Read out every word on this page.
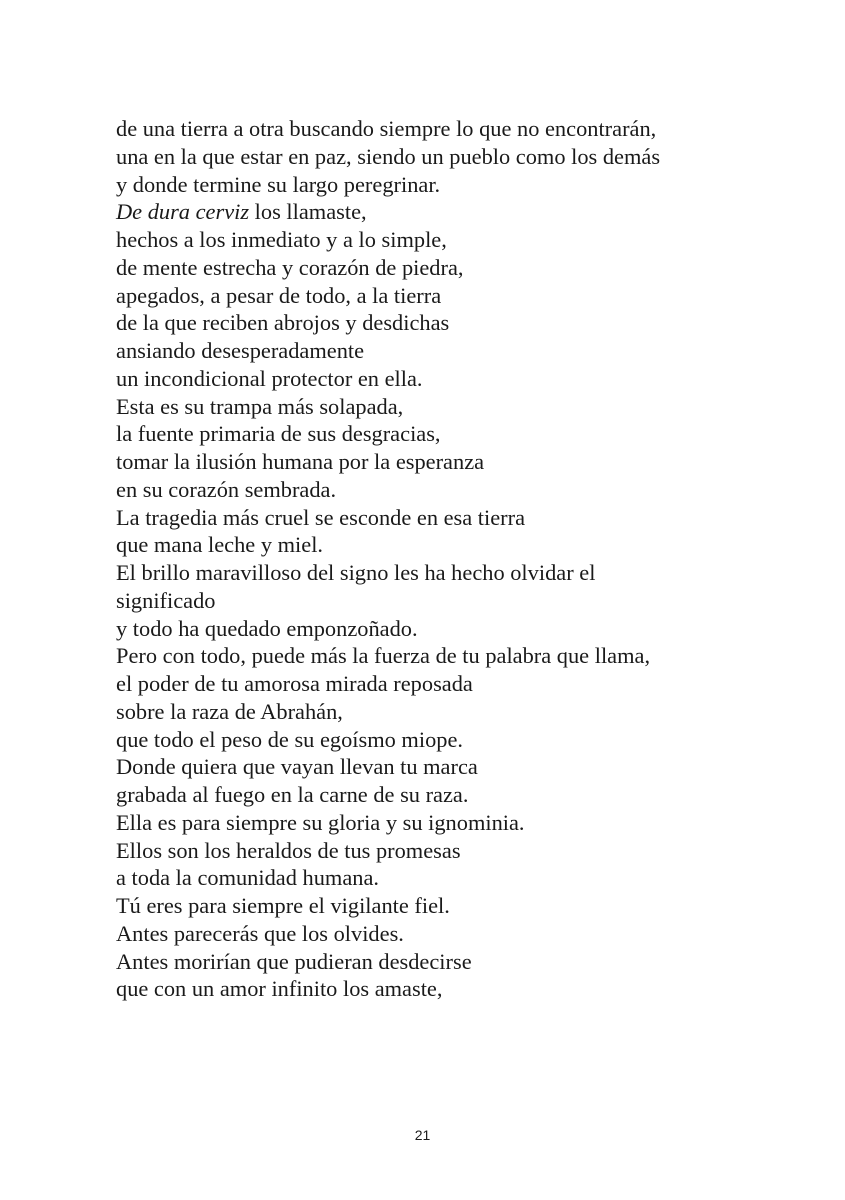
de una tierra a otra buscando siempre lo que no encontrarán,
una en la que estar en paz, siendo un pueblo como los demás
y donde termine su largo peregrinar.
De dura cerviz los llamaste,
hechos a los inmediato y a lo simple,
de mente estrecha y corazón de piedra,
apegados, a pesar de todo, a la tierra
de la que reciben abrojos y desdichas
ansiando desesperadamente
un incondicional protector en ella.
Esta es su trampa más solapada,
la fuente primaria de sus desgracias,
tomar la ilusión humana por la esperanza
en su corazón sembrada.
La tragedia más cruel se esconde en esa tierra
que mana leche y miel.
El brillo maravilloso del signo les ha hecho olvidar el
significado
y todo ha quedado emponzoñado.
Pero con todo, puede más la fuerza de tu palabra que llama,
el poder de tu amorosa mirada reposada
sobre la raza de Abrahán,
que todo el peso de su egoísmo miope.
Donde quiera que vayan llevan tu marca
grabada al fuego en la carne de su raza.
Ella es para siempre su gloria y su ignominia.
Ellos son los heraldos de tus promesas
a toda la comunidad humana.
Tú eres para siempre el vigilante fiel.
Antes parecerás que los olvides.
Antes morirían que pudieran desdecirse
que con un amor infinito los amaste,
21
